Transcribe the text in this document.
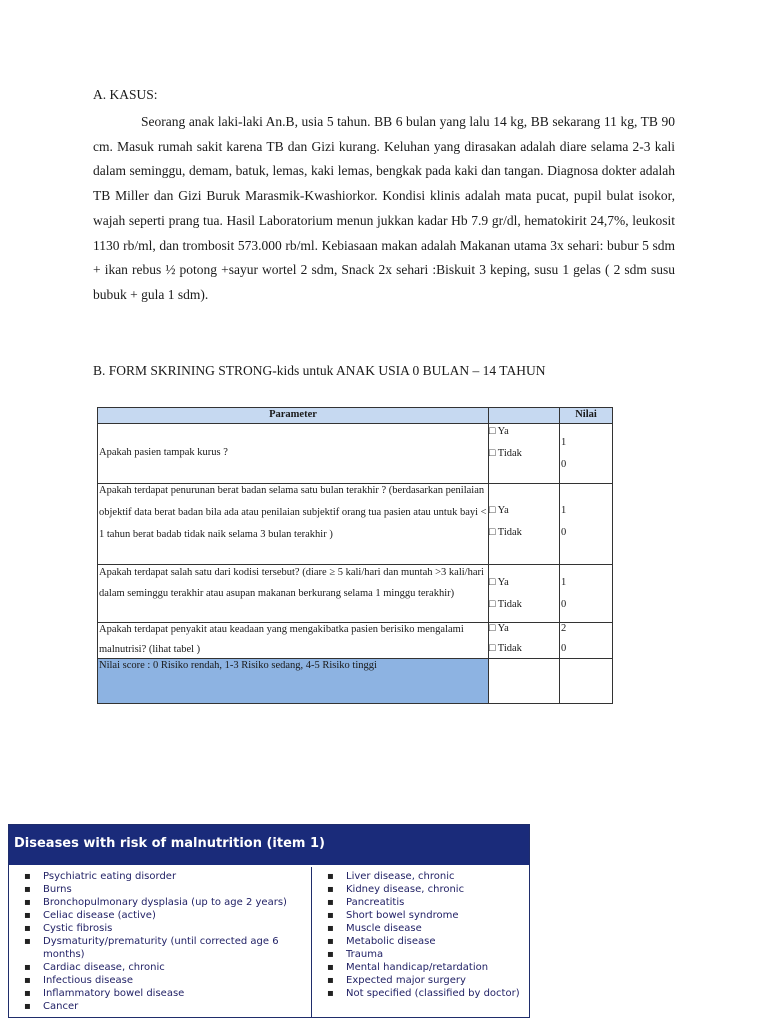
A. KASUS:

Seorang anak laki-laki An.B, usia 5 tahun. BB 6 bulan yang lalu 14 kg, BB sekarang 11 kg, TB 90 cm. Masuk rumah sakit karena TB dan Gizi kurang. Keluhan yang dirasakan adalah diare selama 2-3 kali dalam seminggu, demam, batuk, lemas, kaki lemas, bengkak pada kaki dan tangan. Diagnosa dokter adalah TB Miller dan Gizi Buruk Marasmik-Kwashiorkor. Kondisi klinis adalah mata pucat, pupil bulat isokor, wajah seperti prang tua. Hasil Laboratorium menun jukkan kadar Hb 7.9 gr/dl, hematokirit 24,7%, leukosit 1130 rb/ml, dan trombosit 573.000 rb/ml. Kebiasaan makan adalah Makanan utama 3x sehari: bubur 5 sdm + ikan rebus ½ potong +sayur wortel 2 sdm, Snack 2x sehari :Biskuit 3 keping, susu 1 gelas ( 2 sdm susu bubuk + gula 1 sdm).

B. FORM SKRINING STRONG-kids untuk ANAK USIA 0 BULAN – 14 TAHUN

Parameter	Nilai

Apakah pasien tampak kurus ?

□ Ya
□ Tidak
1
0

Apakah terdapat penurunan berat badan selama satu bulan terakhir ? (berdasarkan penilaian objektif data berat badan bila ada atau penilaian subjektif orang tua pasien atau untuk bayi < 1 tahun berat badab tidak naik selama 3 bulan terakhir )

□ Ya
□ Tidak
1
0

Apakah terdapat salah satu dari kodisi tersebut? (diare ≥ 5 kali/hari dan muntah >3 kali/hari dalam seminggu terakhir atau asupan makanan berkurang selama 1 minggu terakhir)

□ Ya
□ Tidak
1
0

Apakah terdapat penyakit atau keadaan yang mengakibatka pasien berisiko mengalami malnutrisi? (lihat tabel )

□ Ya
□ Tidak
2
0

Nilai score : 0 Risiko rendah, 1-3 Risiko sedang, 4-5 Risiko tinggi

Diseases with risk of malnutrition (item 1)
▪ Psychiatric eating disorder
▪ Burns
▪ Bronchopulmonary dysplasia (up to age 2 years)
▪ Celiac disease (active)
▪ Cystic fibrosis
▪ Dysmaturity/prematurity (until corrected age 6 months)
▪ Cardiac disease, chronic
▪ Infectious disease
▪ Inflammatory bowel disease
▪ Cancer
▪ Liver disease, chronic
▪ Kidney disease, chronic
▪ Pancreatitis
▪ Short bowel syndrome
▪ Muscle disease
▪ Metabolic disease
▪ Trauma
▪ Mental handicap/retardation
▪ Expected major surgery
▪ Not specified (classified by doctor)
